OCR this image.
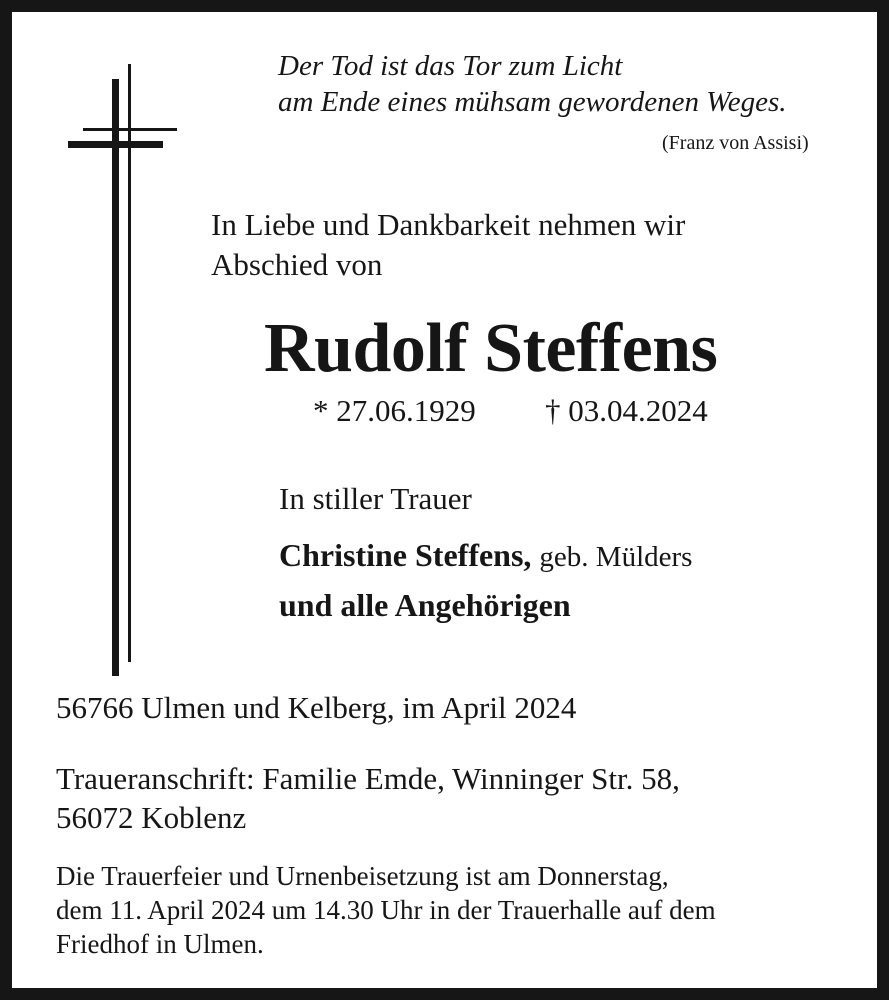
Der Tod ist das Tor zum Licht

am Ende eines mühsam gewordenen Weges.

(Franz von Assisi)

In Liebe und Dankbarkeit nehmen wir

Abschied von

Rudolf Steffens

* 27.06.1929 † 03.04.2024

In stiller Trauer

Christine Steffens, geb. Mülders

und alle Angehörigen

56766 Ulmen und Kelberg, im April 2024

Traueranschrift: Familie Emde, Winninger Str. 58,

56072 Koblenz

Die Trauerfeier und Urnenbeisetzung ist am Donnerstag,

dem 11. April 2024 um 14.30 Uhr in der Trauerhalle auf dem

Friedhof in Ulmen.
